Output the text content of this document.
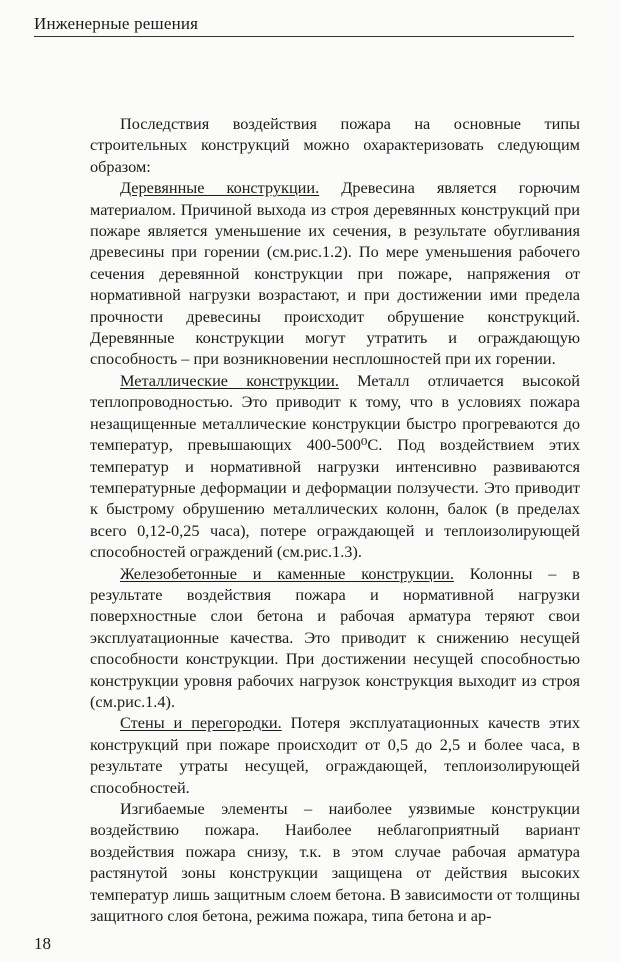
Инженерные решения

Последствия воздействия пожара на основные типы строительных конструкций можно охарактеризовать следующим образом:

Деревянные конструкции. Древесина является горючим материалом. Причиной выхода из строя деревянных конструкций при пожаре является уменьшение их сечения, в результате обугливания древесины при горении (см.рис.1.2). По мере уменьшения рабочего сечения деревянной конструкции при пожаре, напряжения от нормативной нагрузки возрастают, и при достижении ими предела прочности древесины происходит обрушение конструкций. Деревянные конструкции могут утратить и ограждающую способность – при возникновении несплошностей при их горении.

Металлические конструкции. Металл отличается высокой теплопроводностью. Это приводит к тому, что в условиях пожара незащищенные металлические конструкции быстро прогреваются до температур, превышающих 400-500⁰С. Под воздействием этих температур и нормативной нагрузки интенсивно развиваются температурные деформации и деформации ползучести. Это приводит к быстрому обрушению металлических колонн, балок (в пределах всего 0,12-0,25 часа), потере ограждающей и теплоизолирующей способностей ограждений (см.рис.1.3).

Железобетонные и каменные конструкции. Колонны – в результате воздействия пожара и нормативной нагрузки поверхностные слои бетона и рабочая арматура теряют свои эксплуатационные качества. Это приводит к снижению несущей способности конструкции. При достижении несущей способностью конструкции уровня рабочих нагрузок конструкция выходит из строя (см.рис.1.4).

Стены и перегородки. Потеря эксплуатационных качеств этих конструкций при пожаре происходит от 0,5 до 2,5 и более часа, в результате утраты несущей, ограждающей, теплоизолирующей способностей.

Изгибаемые элементы – наиболее уязвимые конструкции воздействию пожара. Наиболее неблагоприятный вариант воздействия пожара снизу, т.к. в этом случае рабочая арматура растянутой зоны конструкции защищена от действия высоких температур лишь защитным слоем бетона. В зависимости от толщины защитного слоя бетона, режима пожара, типа бетона и ар-

18
